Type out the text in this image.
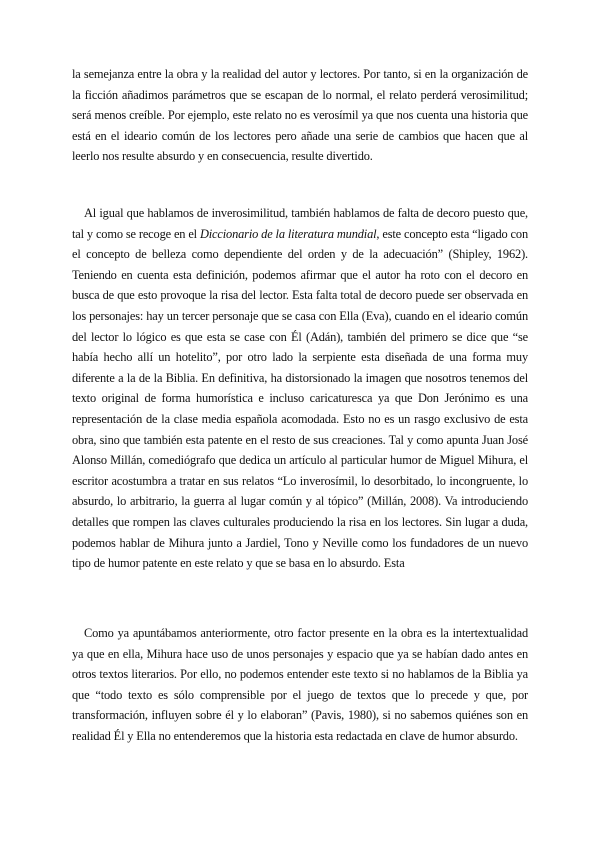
la semejanza entre la obra y la realidad del autor y lectores. Por tanto, si en la organización de la ficción añadimos parámetros que se escapan de lo normal, el relato perderá verosimilitud; será menos creíble. Por ejemplo, este relato no es verosímil ya que nos cuenta una historia que está en el ideario común de los lectores pero añade una serie de cambios que hacen que al leerlo nos resulte absurdo y en consecuencia, resulte divertido.

Al igual que hablamos de inverosimilitud, también hablamos de falta de decoro puesto que, tal y como se recoge en el Diccionario de la literatura mundial, este concepto esta “ligado con el concepto de belleza como dependiente del orden y de la adecuación” (Shipley, 1962). Teniendo en cuenta esta definición, podemos afirmar que el autor ha roto con el decoro en busca de que esto provoque la risa del lector. Esta falta total de decoro puede ser observada en los personajes: hay un tercer personaje que se casa con Ella (Eva), cuando en el ideario común del lector lo lógico es que esta se case con Él (Adán), también del primero se dice que “se había hecho allí un hotelito”, por otro lado la serpiente esta diseñada de una forma muy diferente a la de la Biblia. En definitiva, ha distorsionado la imagen que nosotros tenemos del texto original de forma humorística e incluso caricaturesca ya que Don Jerónimo es una representación de la clase media española acomodada. Esto no es un rasgo exclusivo de esta obra, sino que también esta patente en el resto de sus creaciones. Tal y como apunta Juan José Alonso Millán, comediógrafo que dedica un artículo al particular humor de Miguel Mihura, el escritor acostumbra a tratar en sus relatos “Lo inverosímil, lo desorbitado, lo incongruente, lo absurdo, lo arbitrario, la guerra al lugar común y al tópico” (Millán, 2008). Va introduciendo detalles que rompen las claves culturales produciendo la risa en los lectores. Sin lugar a duda, podemos hablar de Mihura junto a Jardiel, Tono y Neville como los fundadores de un nuevo tipo de humor patente en este relato y que se basa en lo absurdo. Esta

Como ya apuntábamos anteriormente, otro factor presente en la obra es la intertextualidad ya que en ella, Mihura hace uso de unos personajes y espacio que ya se habían dado antes en otros textos literarios. Por ello, no podemos entender este texto si no hablamos de la Biblia ya que “todo texto es sólo comprensible por el juego de textos que lo precede y que, por transformación, influyen sobre él y lo elaboran” (Pavis, 1980), si no sabemos quiénes son en realidad Él y Ella no entenderemos que la historia esta redactada en clave de humor absurdo.
